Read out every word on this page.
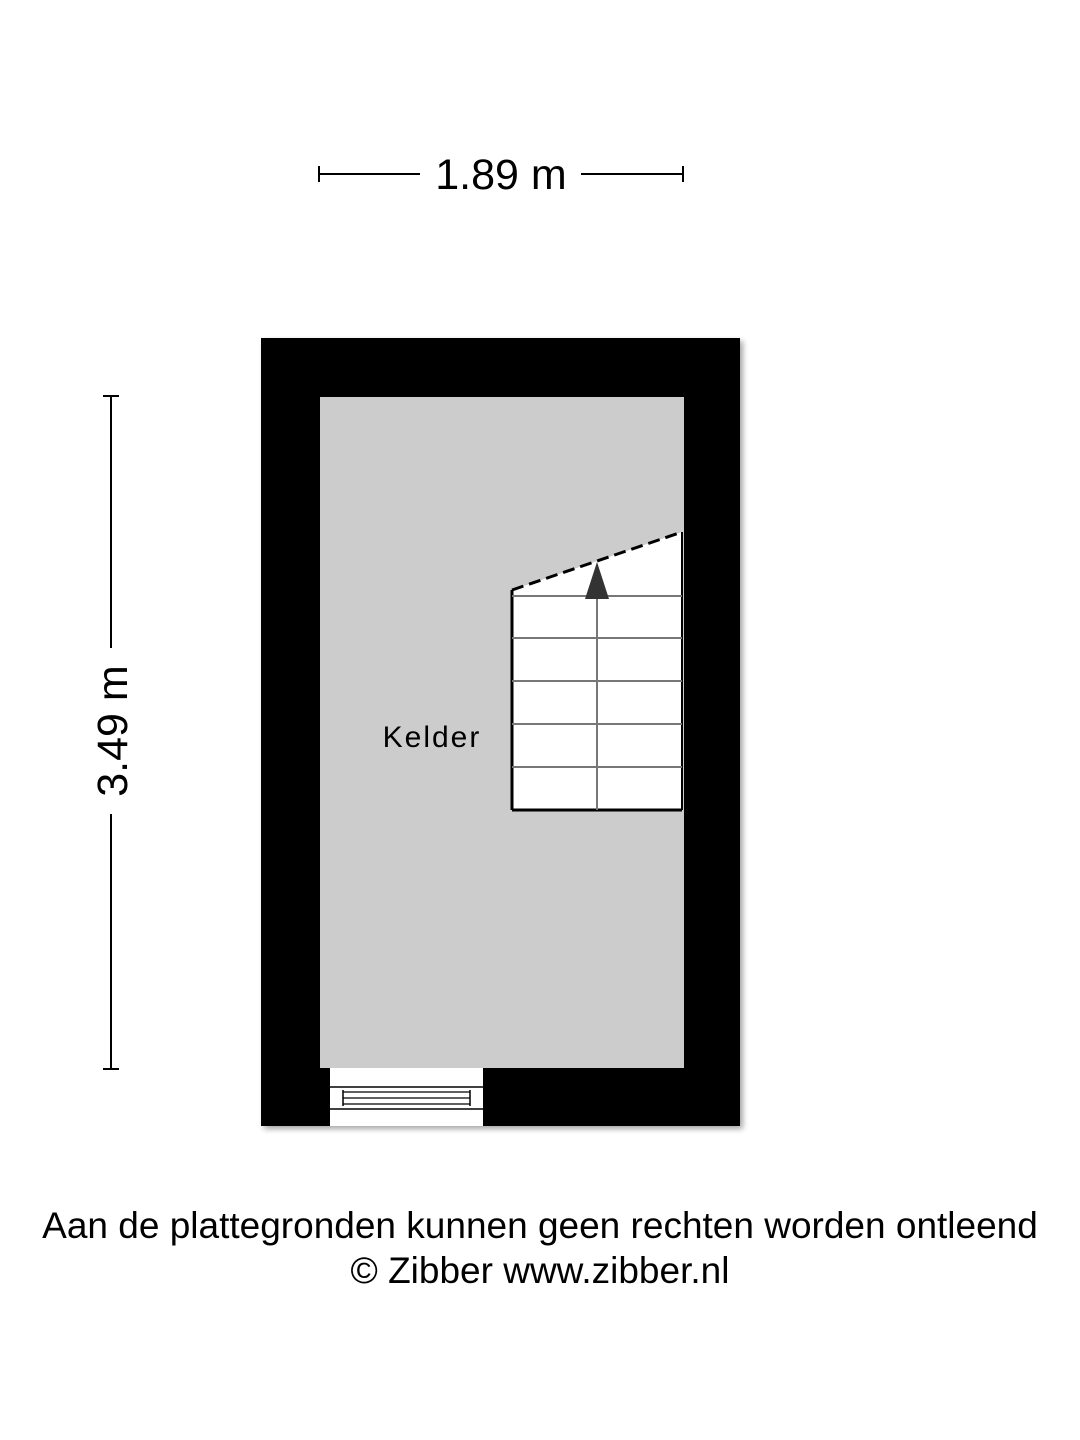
1.89 m
3.49 m	Kelder
Aan de plattegronden kunnen geen rechten worden ontleend
© Zibber www.zibber.nl
